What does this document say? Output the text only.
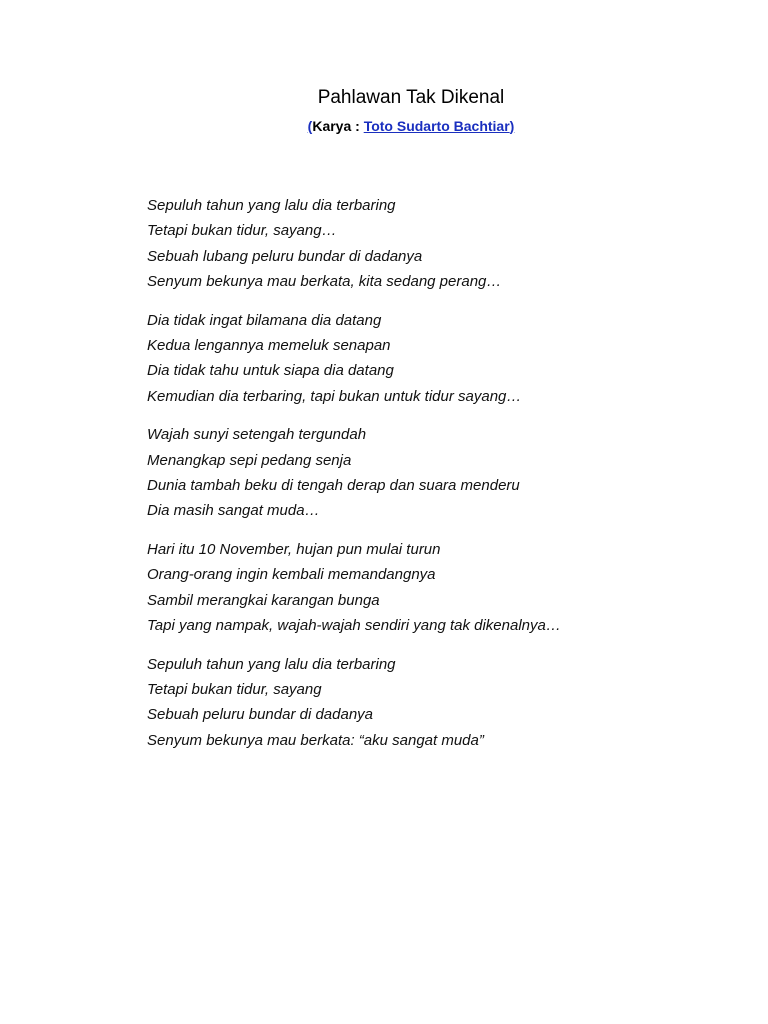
Pahlawan Tak Dikenal
(Karya : Toto Sudarto Bachtiar)
Sepuluh tahun yang lalu dia terbaring
Tetapi bukan tidur, sayang…
Sebuah lubang peluru bundar di dadanya
Senyum bekunya mau berkata, kita sedang perang…
Dia tidak ingat bilamana dia datang
Kedua lengannya memeluk senapan
Dia tidak tahu untuk siapa dia datang
Kemudian dia terbaring, tapi bukan untuk tidur sayang…
Wajah sunyi setengah tergundah
Menangkap sepi pedang senja
Dunia tambah beku di tengah derap dan suara menderu
Dia masih sangat muda…
Hari itu 10 November, hujan pun mulai turun
Orang-orang ingin kembali memandangnya
Sambil merangkai karangan bunga
Tapi yang nampak, wajah-wajah sendiri yang tak dikenalnya…
Sepuluh tahun yang lalu dia terbaring
Tetapi bukan tidur, sayang
Sebuah peluru bundar di dadanya
Senyum bekunya mau berkata: “aku sangat muda”
